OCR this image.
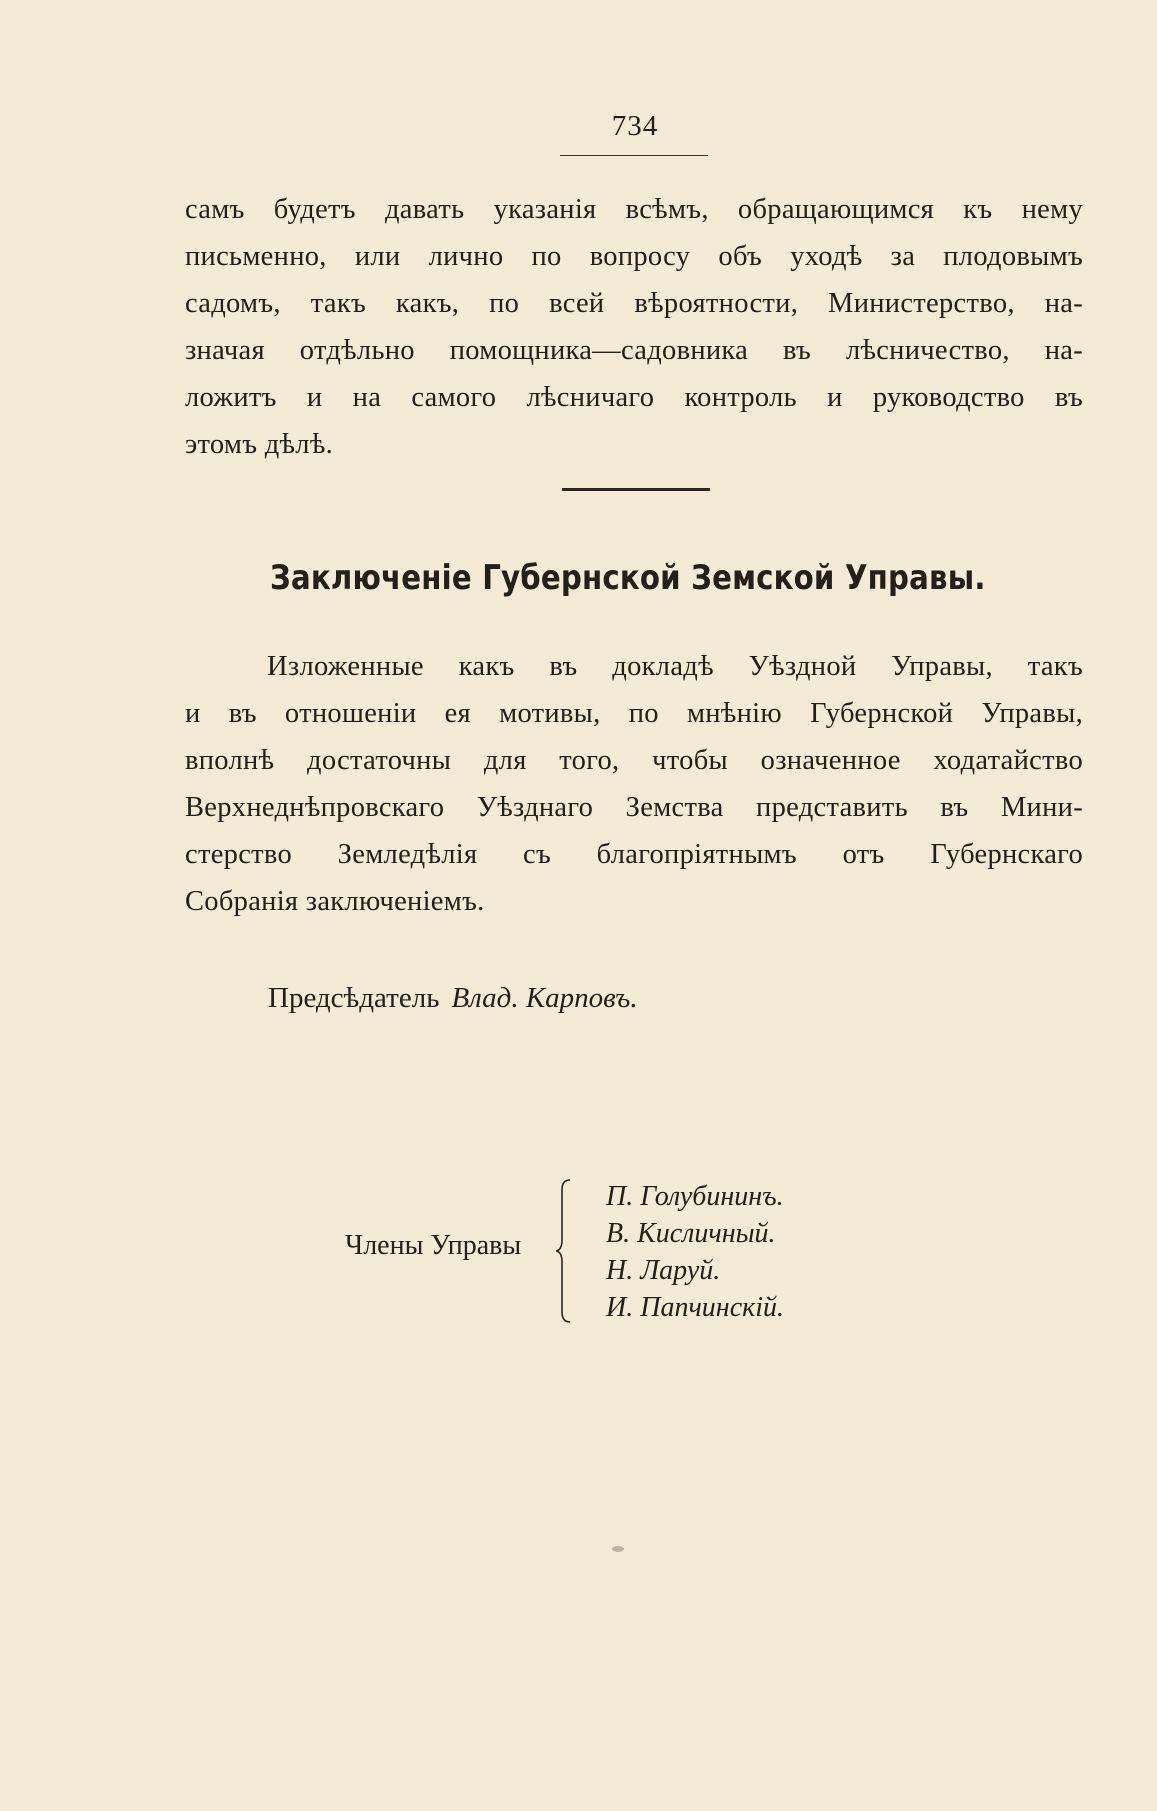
734
самъ будетъ давать указанія всѣмъ, обращающимся къ нему
письменно, или лично по вопросу объ уходѣ за плодовымъ
садомъ, такъ какъ, по всей вѣроятности, Министерство, на-
значая отдѣльно помощника—садовника въ лѣсничество, на-
ложитъ и на самого лѣсничаго контроль и руководство въ
этомъ дѣлѣ.
Заключеніе Губернской Земской Управы.
Изложенные какъ въ докладѣ Уѣздной Управы, такъ
и въ отношеніи ея мотивы, по мнѣнію Губернской Управы,
вполнѣ достаточны для того, чтобы означенное ходатайство
Верхнеднѣпровскаго Уѣзднаго Земства представить въ Мини-
стерство Земледѣлія съ благопріятнымъ отъ Губернскаго
Собранія заключеніемъ.
Предсѣдатель Влад. Карповъ.
Члены Управы
П. Голубининъ.
В. Кисличный.
Н. Ларуй.
И. Папчинскій.
